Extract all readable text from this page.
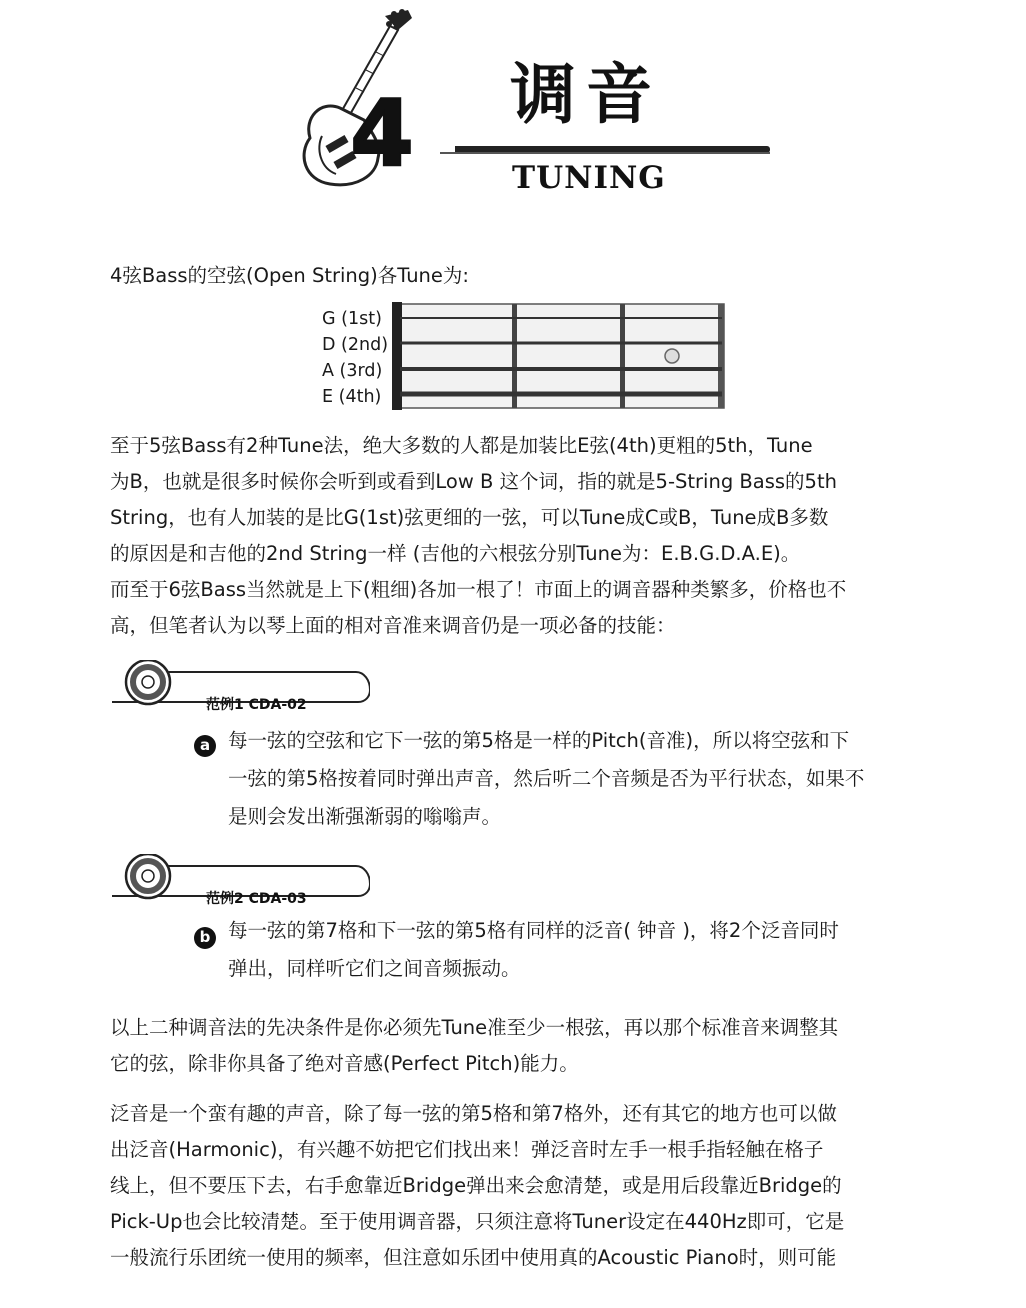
4 调音
TUNING
4弦Bass的空弦(Open String)各Tune为:
G (1st)
D (2nd)
A (3rd)
E (4th)
至于5弦Bass有2种Tune法，绝大多数的人都是加装比E弦(4th)更粗的5th，Tune
为B，也就是很多时候你会听到或看到Low B 这个词，指的就是5-String Bass的5th
String，也有人加装的是比G(1st)弦更细的一弦，可以Tune成C或B，Tune成B多数
的原因是和吉他的2nd String一样 (吉他的六根弦分别Tune为：E.B.G.D.A.E)。
而至于6弦Bass当然就是上下(粗细)各加一根了！市面上的调音器种类繁多，价格也不
高，但笔者认为以琴上面的相对音准来调音仍是一项必备的技能：
范例1 CDA-02
a 每一弦的空弦和它下一弦的第5格是一样的Pitch(音准)，所以将空弦和下
一弦的第5格按着同时弹出声音，然后听二个音频是否为平行状态，如果不
是则会发出渐强渐弱的嗡嗡声。
范例2 CDA-03
b 每一弦的第7格和下一弦的第5格有同样的泛音( 钟音 )，将2个泛音同时
弹出，同样听它们之间音频振动。
以上二种调音法的先决条件是你必须先Tune准至少一根弦，再以那个标准音来调整其
它的弦，除非你具备了绝对音感(Perfect Pitch)能力。
泛音是一个蛮有趣的声音，除了每一弦的第5格和第7格外，还有其它的地方也可以做
出泛音(Harmonic)，有兴趣不妨把它们找出来！弹泛音时左手一根手指轻触在格子
线上，但不要压下去，右手愈靠近Bridge弹出来会愈清楚，或是用后段靠近Bridge的
Pick-Up也会比较清楚。至于使用调音器，只须注意将Tuner设定在440Hz即可，它是
一般流行乐团统一使用的频率，但注意如乐团中使用真的Acoustic Piano时，则可能
